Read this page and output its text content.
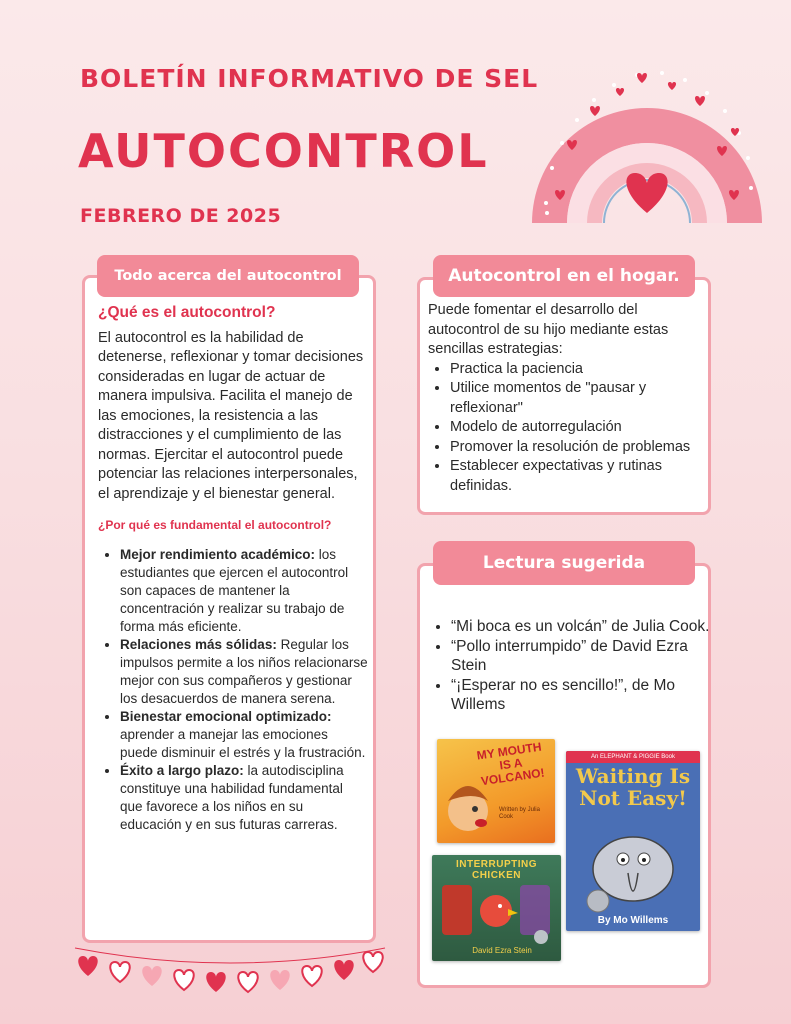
BOLETÍN INFORMATIVO DE SEL
AUTOCONTROL
FEBRERO DE 2025
¿Qué es el autocontrol?

El autocontrol es la habilidad de detenerse, reflexionar y tomar decisiones consideradas en lugar de actuar de manera impulsiva. Facilita el manejo de las emociones, la resistencia a las distracciones y el cumplimiento de las normas. Ejercitar el autocontrol puede potenciar las relaciones interpersonales, el aprendizaje y el bienestar general.

¿Por qué es fundamental el autocontrol?
• Mejor rendimiento académico: los estudiantes que ejercen el autocontrol son capaces de mantener la concentración y realizar su trabajo de forma más eficiente.
• Relaciones más sólidas: Regular los impulsos permite a los niños relacionarse mejor con sus compañeros y gestionar los desacuerdos de manera serena.
• Bienestar emocional optimizado: aprender a manejar las emociones puede disminuir el estrés y la frustración.
• Éxito a largo plazo: la autodisciplina constituye una habilidad fundamental que favorece a los niños en su educación y en sus futuras carreras.
Todo acerca del autocontrol

Puede fomentar el desarrollo del autocontrol de su hijo mediante estas sencillas estrategias:

• Practica la paciencia
• Utilice momentos de "pausar y reflexionar"
• Modelo de autorregulación
• Promover la resolución de problemas
• Establecer expectativas y rutinas definidas.
Autocontrol en el hogar.
• “Mi boca es un volcán” de Julia Cook.
• “Pollo interrumpido” de David Ezra Stein
• “¡Esperar no es sencillo!”, de Mo Willems
MY MOUTH IS A VOLCANO!
Written by Julia Cook
INTERRUPTING CHICKEN
David Ezra Stein
An ELEPHANT & PIGGIE Book
Waiting Is Not Easy!
By Mo Willems
Lectura sugerida
